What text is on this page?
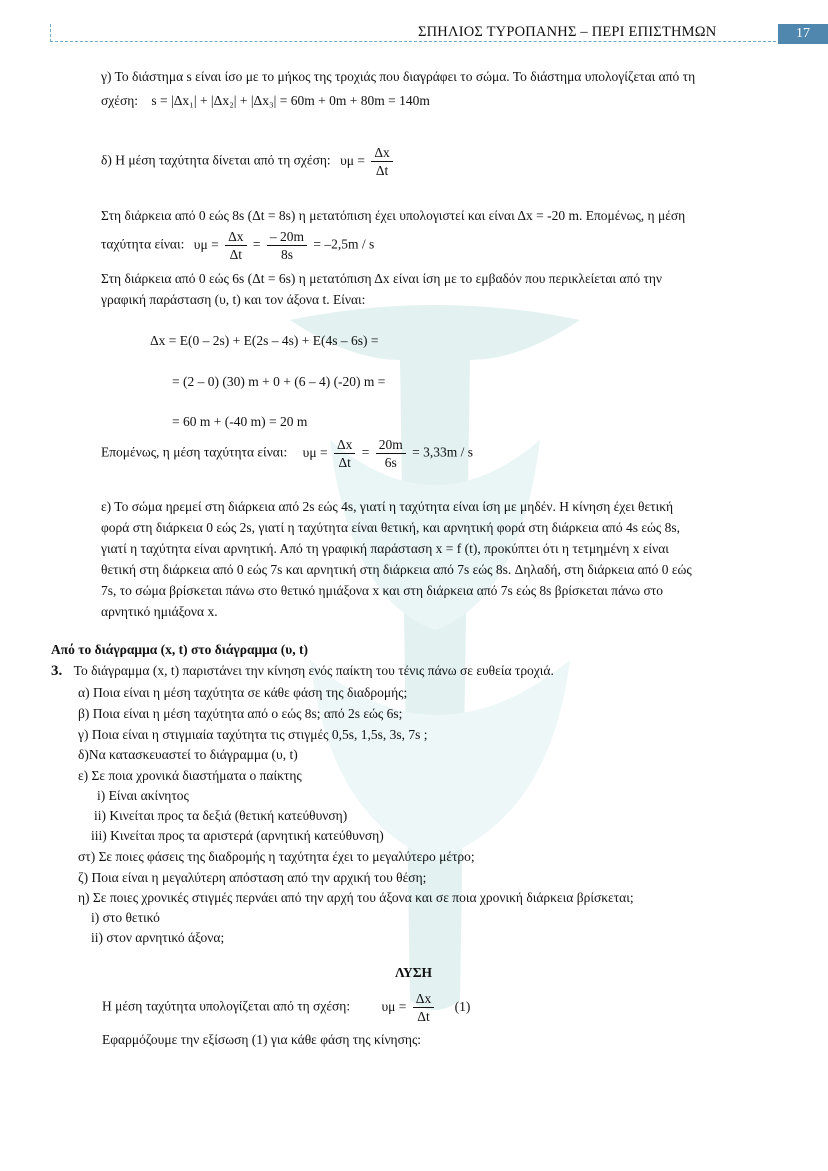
ΣΠΗΛΙΟΣ ΤΥΡΟΠΑΝΗΣ – ΠΕΡΙ ΕΠΙΣΤΗΜΩΝ	17
γ) Το διάστημα s είναι ίσο με το μήκος της τροχιάς που διαγράφει το σώμα. Το διάστημα υπολογίζεται από τη
σχέση: s = |Δx₁| + |Δx₂| + |Δx₃| = 60m + 0m + 80m = 140m
δ) Η μέση ταχύτητα δίνεται από τη σχέση: $\upsilon\mu = \frac{\Delta x}{\Delta t}$
Στη διάρκεια από 0 εώς 8s (Δt = 8s) η μετατόπιση έχει υπολογιστεί και είναι Δx = -20 m. Επομένως, η μέση
ταχύτητα είναι: $\upsilon\mu = \frac{\Delta x}{\Delta t} = \frac{- 20m}{8s} = -2,5m / s$
Στη διάρκεια από 0 εώς 6s (Δt = 6s) η μετατόπιση Δx είναι ίση με το εμβαδόν που περικλείεται από την
γραφική παράσταση (υ, t) και τον άξονα t. Είναι:
Δx = E(0 – 2s) + E(2s – 4s) + E(4s – 6s) =
= (2 – 0) (30) m + 0 + (6 – 4) (-20) m =
= 60 m + (-40 m) = 20 m
Επομένως, η μέση ταχύτητα είναι: $\upsilon\mu = \frac{\Delta x}{\Delta t} = \frac{20m}{6s} = 3,33m / s$
ε) Το σώμα ηρεμεί στη διάρκεια από 2s εώς 4s, γιατί η ταχύτητα είναι ίση με μηδέν. Η κίνηση έχει θετική
φορά στη διάρκεια 0 εώς 2s, γιατί η ταχύτητα είναι θετική, και αρνητική φορά στη διάρκεια από 4s εώς 8s,
γιατί η ταχύτητα είναι αρνητική. Από τη γραφική παράσταση x = f (t), προκύπτει ότι η τετμημένη x είναι
θετική στη διάρκεια από 0 εώς 7s και αρνητική στη διάρκεια από 7s εώς 8s. Δηλαδή, στη διάρκεια από 0 εώς
7s, το σώμα βρίσκεται πάνω στο θετικό ημιάξονα x και στη διάρκεια από 7s εώς 8s βρίσκεται πάνω στο
αρνητικό ημιάξονα x.
Από το διάγραμμα (x, t) στο διάγραμμα (υ, t)
3. Το διάγραμμα (x, t) παριστάνει την κίνηση ενός παίκτη του τένις πάνω σε ευθεία τροχιά.
α) Ποια είναι η μέση ταχύτητα σε κάθε φάση της διαδρομής;
β) Ποια είναι η μέση ταχύτητα από ο εώς 8s; από 2s εώς 6s;
γ) Ποια είναι η στιγμιαία ταχύτητα τις στιγμές 0,5s, 1,5s, 3s, 7s ;
δ)Να κατασκευαστεί το διάγραμμα (υ, t)
ε) Σε ποια χρονικά διαστήματα ο παίκτης
i) Είναι ακίνητος
ii) Κινείται προς τα δεξιά (θετική κατεύθυνση)
iii) Κινείται προς τα αριστερά (αρνητική κατεύθυνση)
στ) Σε ποιες φάσεις της διαδρομής η ταχύτητα έχει το μεγαλύτερο μέτρο;
ζ) Ποια είναι η μεγαλύτερη απόσταση από την αρχική του θέση;
η) Σε ποιες χρονικές στιγμές περνάει από την αρχή του άξονα και σε ποια χρονική διάρκεια βρίσκεται;
i) στο θετικό
ii) στον αρνητικό άξονα;
ΛΥΣΗ
Η μέση ταχύτητα υπολογίζεται από τη σχέση: $\upsilon\mu = \frac{\Delta x}{\Delta t} (1)$
Εφαρμόζουμε την εξίσωση (1) για κάθε φάση της κίνησης:
